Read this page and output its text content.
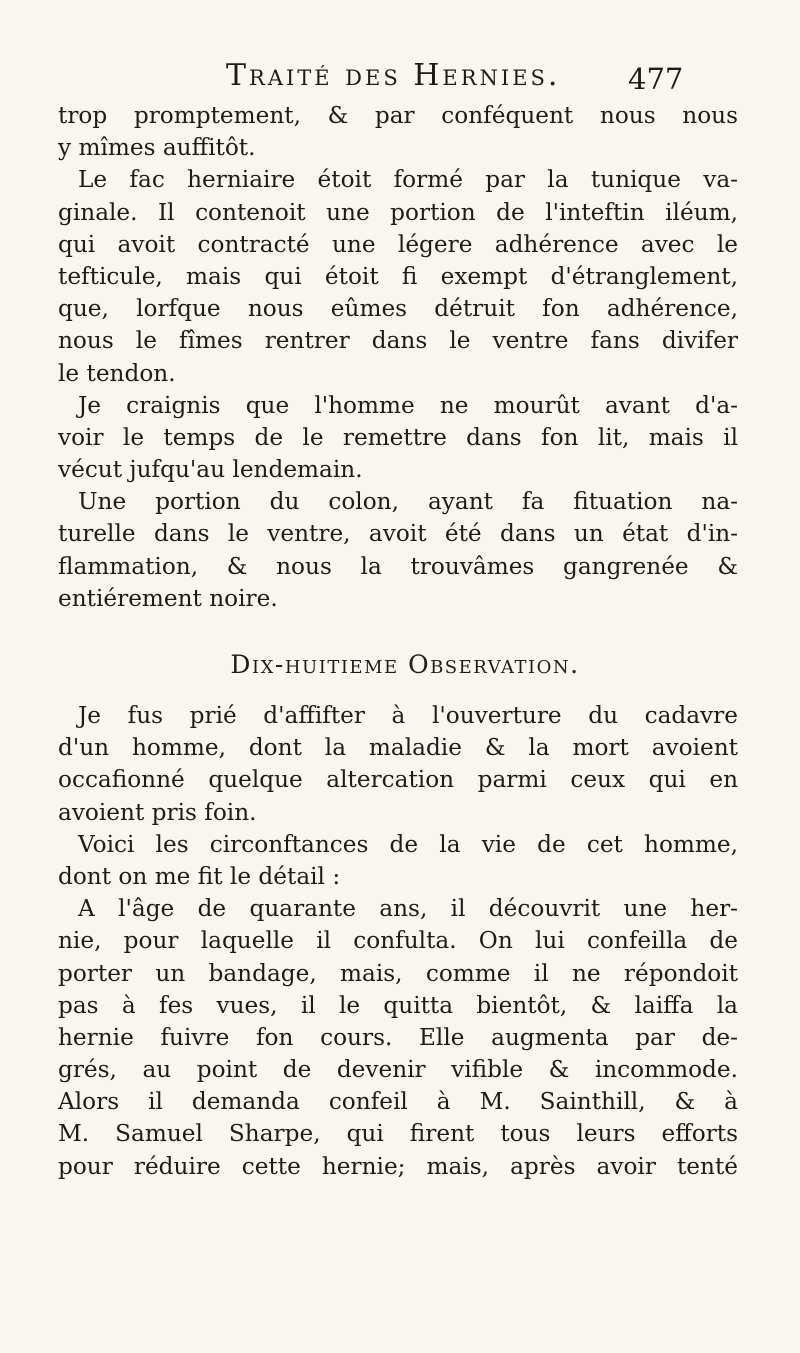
Traité des Hernies. 477
trop promptement, & par conféquent nous nous
y mîmes auffitôt.
Le fac herniaire étoit formé par la tunique va-
ginale. Il contenoit une portion de l'inteftin iléum,
qui avoit contracté une légere adhérence avec le
tefticule, mais qui étoit fi exempt d'étranglement,
que, lorfque nous eûmes détruit fon adhérence,
nous le fîmes rentrer dans le ventre fans divifer
le tendon.
Je craignis que l'homme ne mourût avant d'a-
voir le temps de le remettre dans fon lit, mais il
vécut jufqu'au lendemain.
Une portion du colon, ayant fa fituation na-
turelle dans le ventre, avoit été dans un état d'in-
flammation, & nous la trouvâmes gangrenée &
entiérement noire.
Dix-huitieme Observation.
Je fus prié d'affifter à l'ouverture du cadavre
d'un homme, dont la maladie & la mort avoient
occafionné quelque altercation parmi ceux qui en
avoient pris foin.
Voici les circonftances de la vie de cet homme,
dont on me fit le détail :
A l'âge de quarante ans, il découvrit une her-
nie, pour laquelle il confulta. On lui confeilla de
porter un bandage, mais, comme il ne répondoit
pas à fes vues, il le quitta bientôt, & laiffa la
hernie fuivre fon cours. Elle augmenta par de-
grés, au point de devenir vifible & incommode.
Alors il demanda confeil à M. Sainthill, & à
M. Samuel Sharpe, qui firent tous leurs efforts
pour réduire cette hernie; mais, après avoir tenté
